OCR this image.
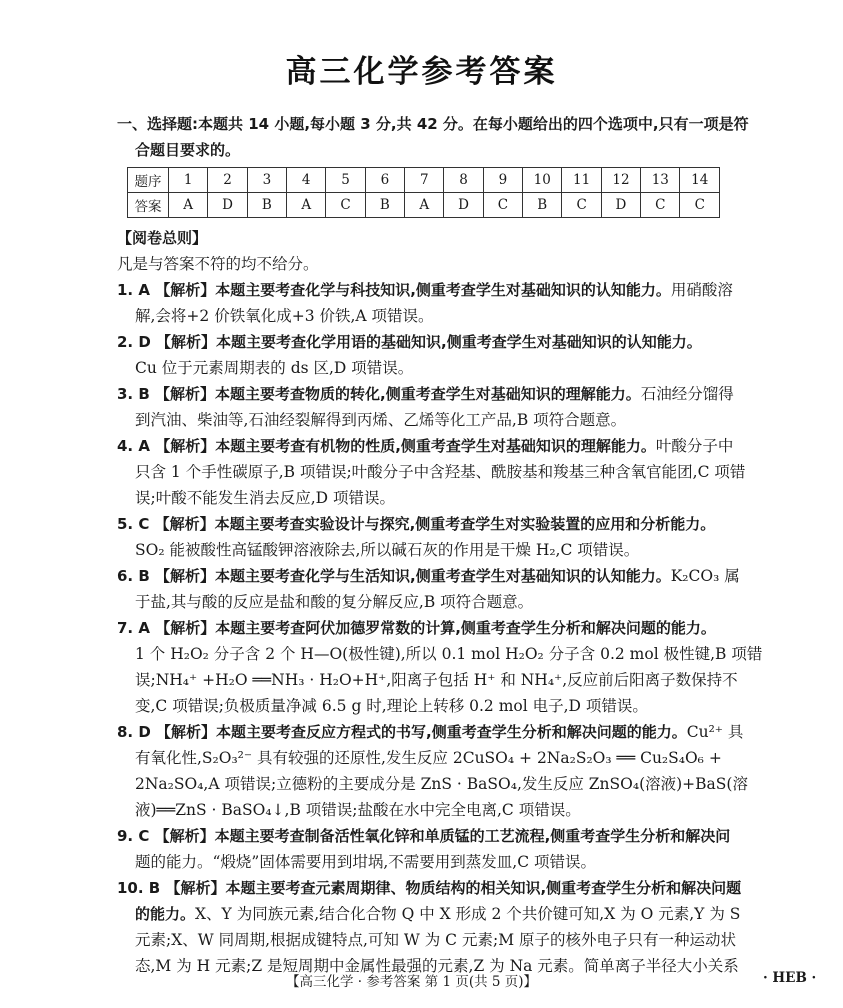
高三化学参考答案
一、选择题:本题共 14 小题,每小题 3 分,共 42 分。在每小题给出的四个选项中,只有一项是符
合题目要求的。
题序	1	2	3	4	5	6	7	8	9	10	11	12	13	14
答案	A	D	B	A	C	B	A	D	C	B	C	D	C	C
【阅卷总则】
凡是与答案不符的均不给分。
1. A 【解析】本题主要考查化学与科技知识,侧重考查学生对基础知识的认知能力。用硝酸溶
解,会将+2 价铁氧化成+3 价铁,A 项错误。
2. D 【解析】本题主要考查化学用语的基础知识,侧重考查学生对基础知识的认知能力。
Cu 位于元素周期表的 ds 区,D 项错误。
3. B 【解析】本题主要考查物质的转化,侧重考查学生对基础知识的理解能力。石油经分馏得
到汽油、柴油等,石油经裂解得到丙烯、乙烯等化工产品,B 项符合题意。
4. A 【解析】本题主要考查有机物的性质,侧重考查学生对基础知识的理解能力。叶酸分子中
只含 1 个手性碳原子,B 项错误;叶酸分子中含羟基、酰胺基和羧基三种含氧官能团,C 项错
误;叶酸不能发生消去反应,D 项错误。
5. C 【解析】本题主要考查实验设计与探究,侧重考查学生对实验装置的应用和分析能力。
SO₂ 能被酸性高锰酸钾溶液除去,所以碱石灰的作用是干燥 H₂,C 项错误。
6. B 【解析】本题主要考查化学与生活知识,侧重考查学生对基础知识的认知能力。K₂CO₃ 属
于盐,其与酸的反应是盐和酸的复分解反应,B 项符合题意。
7. A 【解析】本题主要考查阿伏加德罗常数的计算,侧重考查学生分析和解决问题的能力。
1 个 H₂O₂ 分子含 2 个 H—O(极性键),所以 0.1 mol H₂O₂ 分子含 0.2 mol 极性键,B 项错
误;NH₄⁺ +H₂O ══NH₃ · H₂O+H⁺,阳离子包括 H⁺ 和 NH₄⁺,反应前后阳离子数保持不
变,C 项错误;负极质量净减 6.5 g 时,理论上转移 0.2 mol 电子,D 项错误。
8. D 【解析】本题主要考查反应方程式的书写,侧重考查学生分析和解决问题的能力。Cu²⁺ 具
有氧化性,S₂O₃²⁻ 具有较强的还原性,发生反应 2CuSO₄ + 2Na₂S₂O₃ ══ Cu₂S₄O₆ +
2Na₂SO₄,A 项错误;立德粉的主要成分是 ZnS · BaSO₄,发生反应 ZnSO₄(溶液)+BaS(溶
液)══ZnS · BaSO₄↓,B 项错误;盐酸在水中完全电离,C 项错误。
9. C 【解析】本题主要考查制备活性氧化锌和单质锰的工艺流程,侧重考查学生分析和解决问
题的能力。“煅烧”固体需要用到坩埚,不需要用到蒸发皿,C 项错误。
10. B 【解析】本题主要考查元素周期律、物质结构的相关知识,侧重考查学生分析和解决问题
的能力。X、Y 为同族元素,结合化合物 Q 中 X 形成 2 个共价键可知,X 为 O 元素,Y 为 S
元素;X、W 同周期,根据成键特点,可知 W 为 C 元素;M 原子的核外电子只有一种运动状
态,M 为 H 元素;Z 是短周期中金属性最强的元素,Z 为 Na 元素。简单离子半径大小关系
【高三化学 · 参考答案 第 1 页(共 5 页)】	· HEB ·
